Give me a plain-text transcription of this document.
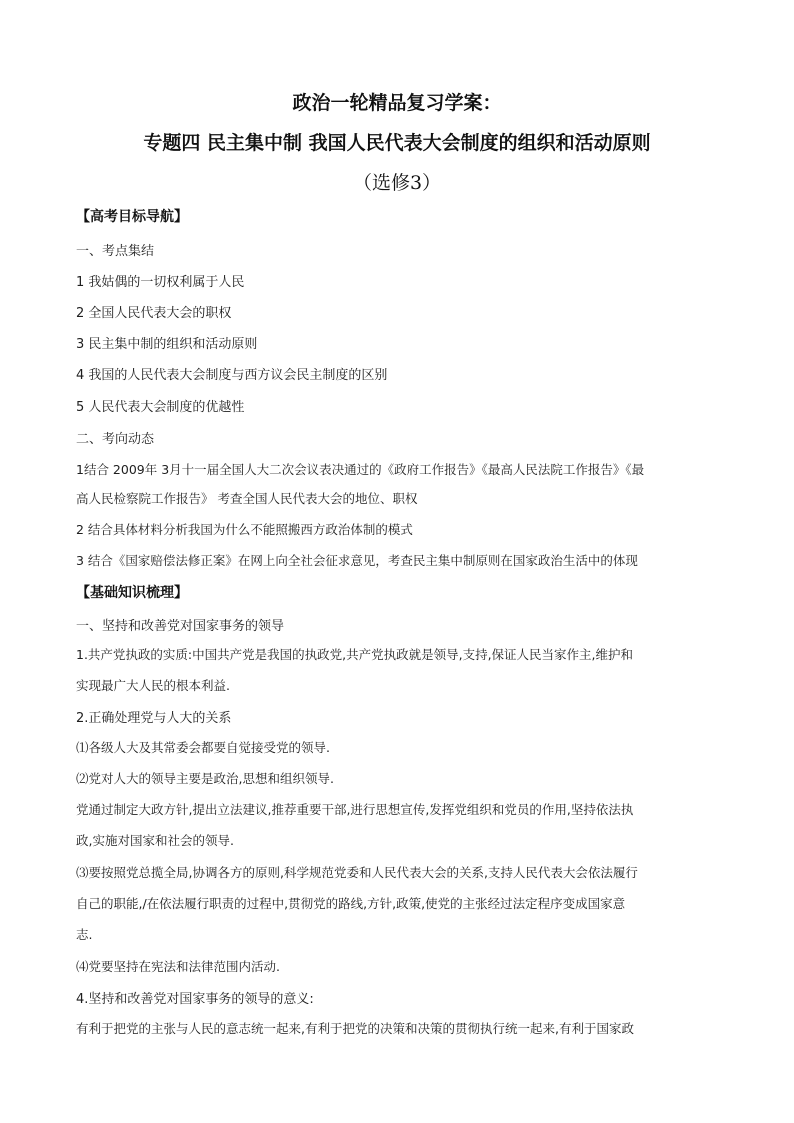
政治一轮精品复习学案：
专题四 民主集中制 我国人民代表大会制度的组织和活动原则
（选修3）
【高考目标导航】
一、考点集结
1 我姑偶的一切权利属于人民
2 全国人民代表大会的职权
3 民主集中制的组织和活动原则
4 我国的人民代表大会制度与西方议会民主制度的区别
5 人民代表大会制度的优越性
二、考向动态
1结合 2009年 3月十一届全国人大二次会议表决通过的《政府工作报告》《最高人民法院工作报告》《最
高人民检察院工作报告》 考查全国人民代表大会的地位、职权
2 结合具体材料分析我国为什么不能照搬西方政治体制的模式
3 结合《国家赔偿法修正案》在网上向全社会征求意见，考查民主集中制原则在国家政治生活中的体现
【基础知识梳理】
一、坚持和改善党对国家事务的领导
1.共产党执政的实质:中国共产党是我国的执政党,共产党执政就是领导,支持,保证人民当家作主,维护和
实现最广大人民的根本利益.
2.正确处理党与人大的关系
⑴各级人大及其常委会都要自觉接受党的领导.
⑵党对人大的领导主要是政治,思想和组织领导.
党通过制定大政方针,提出立法建议,推荐重要干部,进行思想宣传,发挥党组织和党员的作用,坚持依法执
政,实施对国家和社会的领导.
⑶要按照党总揽全局,协调各方的原则,科学规范党委和人民代表大会的关系,支持人民代表大会依法履行
自己的职能,/在依法履行职责的过程中,贯彻党的路线,方针,政策,使党的主张经过法定程序变成国家意
志.
⑷党要坚持在宪法和法律范围内活动.
4.坚持和改善党对国家事务的领导的意义:
有利于把党的主张与人民的意志统一起来,有利于把党的决策和决策的贯彻执行统一起来,有利于国家政
